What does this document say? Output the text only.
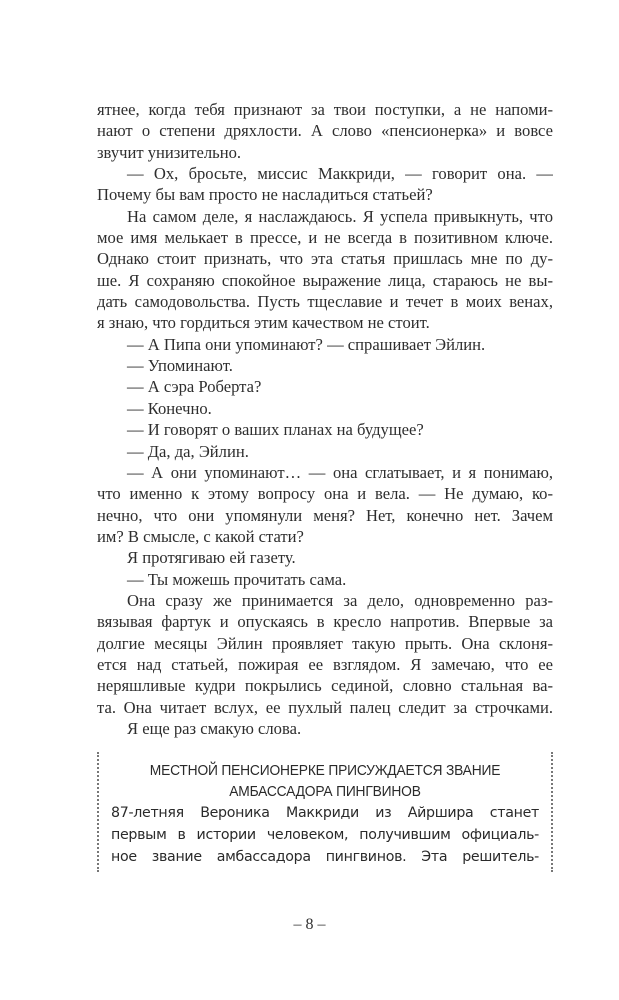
ятнее, когда тебя признают за твои поступки, а не напоми-
нают о степени дряхлости. А слово «пенсионерка» и вовсе
звучит унизительно.
— Ох, бросьте, миссис Маккриди, — говорит она. —
Почему бы вам просто не насладиться статьей?
На самом деле, я наслаждаюсь. Я успела привыкнуть, что
мое имя мелькает в прессе, и не всегда в позитивном ключе.
Однако стоит признать, что эта статья пришлась мне по ду-
ше. Я сохраняю спокойное выражение лица, стараюсь не вы-
дать самодовольства. Пусть тщеславие и течет в моих венах,
я знаю, что гордиться этим качеством не стоит.
— А Пипа они упоминают? — спрашивает Эйлин.
— Упоминают.
— А сэра Роберта?
— Конечно.
— И говорят о ваших планах на будущее?
— Да, да, Эйлин.
— А они упоминают… — она сглатывает, и я понимаю,
что именно к этому вопросу она и вела. — Не думаю, ко-
нечно, что они упомянули меня? Нет, конечно нет. Зачем
им? В смысле, с какой стати?
Я протягиваю ей газету.
— Ты можешь прочитать сама.
Она сразу же принимается за дело, одновременно раз-
вязывая фартук и опускаясь в кресло напротив. Впервые за
долгие месяцы Эйлин проявляет такую прыть. Она склоня-
ется над статьей, пожирая ее взглядом. Я замечаю, что ее
неряшливые кудри покрылись сединой, словно стальная ва-
та. Она читает вслух, ее пухлый палец следит за строчками.
Я еще раз смакую слова.
МЕСТНОЙ ПЕНСИОНЕРКЕ ПРИСУЖДАЕТСЯ ЗВАНИЕ
АМБАССАДОРА ПИНГВИНОВ
87-летняя Вероника Маккриди из Айршира станет
первым в истории человеком, получившим официаль-
ное звание амбассадора пингвинов. Эта решитель-
– 8 –
